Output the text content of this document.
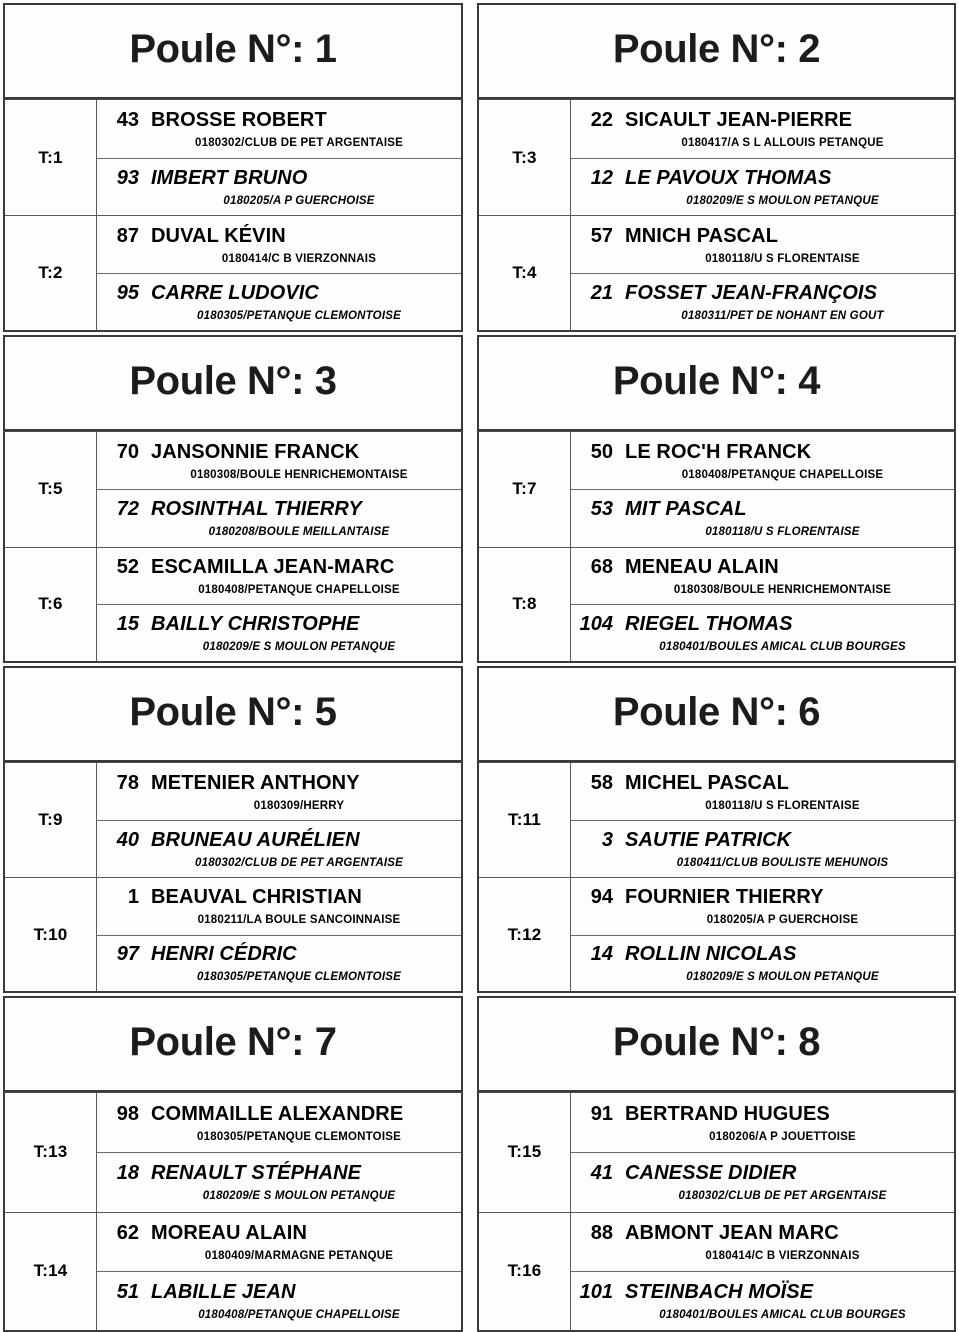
Poule N°: 1
T:1
43 BROSSE ROBERT
0180302/CLUB DE PET ARGENTAISE
93 IMBERT BRUNO
0180205/A P GUERCHOISE
T:2
87 DUVAL KÉVIN
0180414/C B VIERZONNAIS
95 CARRE LUDOVIC
0180305/PETANQUE CLEMONTOISE
Poule N°: 2
T:3
22 SICAULT JEAN-PIERRE
0180417/A S L ALLOUIS PETANQUE
12 LE PAVOUX THOMAS
0180209/E S MOULON PETANQUE
T:4
57 MNICH PASCAL
0180118/U S FLORENTAISE
21 FOSSET JEAN-FRANÇOIS
0180311/PET DE NOHANT EN GOUT
Poule N°: 3
T:5
70 JANSONNIE FRANCK
0180308/BOULE HENRICHEMONTAISE
72 ROSINTHAL THIERRY
0180208/BOULE MEILLANTAISE
T:6
52 ESCAMILLA JEAN-MARC
0180408/PETANQUE CHAPELLOISE
15 BAILLY CHRISTOPHE
0180209/E S MOULON PETANQUE
Poule N°: 4
T:7
50 LE ROC'H FRANCK
0180408/PETANQUE CHAPELLOISE
53 MIT PASCAL
0180118/U S FLORENTAISE
T:8
68 MENEAU ALAIN
0180308/BOULE HENRICHEMONTAISE
104 RIEGEL THOMAS
0180401/BOULES AMICAL CLUB BOURGES
Poule N°: 5
T:9
78 METENIER ANTHONY
0180309/HERRY
40 BRUNEAU AURÉLIEN
0180302/CLUB DE PET ARGENTAISE
T:10
1 BEAUVAL CHRISTIAN
0180211/LA BOULE SANCOINNAISE
97 HENRI CÉDRIC
0180305/PETANQUE CLEMONTOISE
Poule N°: 6
T:11
58 MICHEL PASCAL
0180118/U S FLORENTAISE
3 SAUTIE PATRICK
0180411/CLUB BOULISTE MEHUNOIS
T:12
94 FOURNIER THIERRY
0180205/A P GUERCHOISE
14 ROLLIN NICOLAS
0180209/E S MOULON PETANQUE
Poule N°: 7
T:13
98 COMMAILLE ALEXANDRE
0180305/PETANQUE CLEMONTOISE
18 RENAULT STÉPHANE
0180209/E S MOULON PETANQUE
T:14
62 MOREAU ALAIN
0180409/MARMAGNE PETANQUE
51 LABILLE JEAN
0180408/PETANQUE CHAPELLOISE
Poule N°: 8
T:15
91 BERTRAND HUGUES
0180206/A P JOUETTOISE
41 CANESSE DIDIER
0180302/CLUB DE PET ARGENTAISE
T:16
88 ABMONT JEAN MARC
0180414/C B VIERZONNAIS
101 STEINBACH MOÏSE
0180401/BOULES AMICAL CLUB BOURGES
